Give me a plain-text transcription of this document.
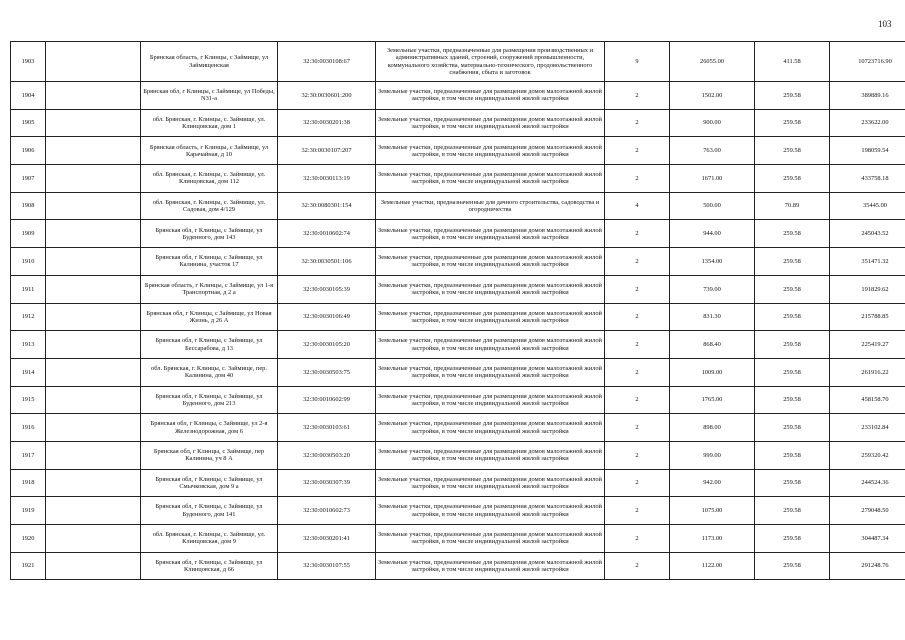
103
1903		Брянская область, г Клинцы, с Займище, ул Займищенская	32:30:0030108:67	Земельные участки, предназначенные для размещения производственных и административных зданий, строений, сооружений промышленности, коммунального хозяйства, материально-технического, продовольственного снабжения, сбыта и заготовок	9	26055.00	411.58	10723716.90
1904		Брянская обл, г Клинцы, с Займище, ул Победы, N31-а	32:30:0030601:200	Земельные участки, предназначенные для размещения домов малоэтажной жилой застройки, в том числе индивидуальной жилой застройки	2	1502.00	259.58	389889.16
1905		обл. Брянская, г. Клинцы, с. Займище, ул. Клинцовская, дом 1	32:30:0030201:38	Земельные участки, предназначенные для размещения домов малоэтажной жилой застройки, в том числе индивидуальной жилой застройки	2	900.00	259.58	233622.00
1906		Брянская область, г Клинцы, с Займище, ул Карачайная, д 10	32:30:0030107:207	Земельные участки, предназначенные для размещения домов малоэтажной жилой застройки, в том числе индивидуальной жилой застройки	2	763.00	259.58	198059.54
1907		обл. Брянская, г. Клинцы, с. Займище, ул. Клинцовская, дом 112	32:30:0030113:19	Земельные участки, предназначенные для размещения домов малоэтажной жилой застройки, в том числе индивидуальной жилой застройки	2	1671.00	259.58	433758.18
1908		обл. Брянская, г. Клинцы, с. Займище, ул. Садовая, дом 4/129	32:30:0080301:154	Земельные участки, предназначенные для дачного строительства, садоводства и огородничества	4	500.00	70.89	35445.00
1909		Брянская обл, г Клинцы, с Займище, ул Буденного, дом 143	32:30:0010602:74	Земельные участки, предназначенные для размещения домов малоэтажной жилой застройки, в том числе индивидуальной жилой застройки	2	944.00	259.58	245043.52
1910		Брянская обл, г Клинцы, с Займище, ул Калинина, участок 17	32:30:0030501:106	Земельные участки, предназначенные для размещения домов малоэтажной жилой застройки, в том числе индивидуальной жилой застройки	2	1354.00	259.58	351471.32
1911		Брянская область, г Клинцы, с Займище, ул 1-я Транспортная, д 2 а	32:30:0030105:39	Земельные участки, предназначенные для размещения домов малоэтажной жилой застройки, в том числе индивидуальной жилой застройки	2	739.00	259.58	191829.62
1912		Брянская обл, г Клинцы, с Займище, ул Новая Жизнь, д 26 А	32:30:0030106:49	Земельные участки, предназначенные для размещения домов малоэтажной жилой застройки, в том числе индивидуальной жилой застройки	2	831.30	259.58	215788.85
1913		Брянская обл, г Клинцы, с Займище, ул Бессарабова, д 13	32:30:0030105:20	Земельные участки, предназначенные для размещения домов малоэтажной жилой застройки, в том числе индивидуальной жилой застройки	2	868.40	259.58	225419.27
1914		обл. Брянская, г. Клинцы, с. Займище, пер. Калинина, дом 40	32:30:0030503:75	Земельные участки, предназначенные для размещения домов малоэтажной жилой застройки, в том числе индивидуальной жилой застройки	2	1009.00	259.58	261916.22
1915		Брянская обл, г Клинцы, с Займище, ул Буденного, дом 213	32:30:0010602:99	Земельные участки, предназначенные для размещения домов малоэтажной жилой застройки, в том числе индивидуальной жилой застройки	2	1765.00	259.58	458158.70
1916		Брянская обл, г Клинцы, с Займище, ул 2-я Железнодорожная, дом 6	32:30:0030103:61	Земельные участки, предназначенные для размещения домов малоэтажной жилой застройки, в том числе индивидуальной жилой застройки	2	898.00	259.58	233102.84
1917		Брянская обл, г Клинцы, с Займище, пер Калинина, уч 8 А	32:30:0030503:20	Земельные участки, предназначенные для размещения домов малоэтажной жилой застройки, в том числе индивидуальной жилой застройки	2	999.00	259.58	259320.42
1918		Брянская обл, г Клинцы, с Займище, ул Смычковская, дом 9 а	32:30:0030307:39	Земельные участки, предназначенные для размещения домов малоэтажной жилой застройки, в том числе индивидуальной жилой застройки	2	942.00	259.58	244524.36
1919		Брянская обл, г Клинцы, с Займище, ул Буденного, дом 141	32:30:0010602:73	Земельные участки, предназначенные для размещения домов малоэтажной жилой застройки, в том числе индивидуальной жилой застройки	2	1075.00	259.58	279048.50
1920		обл. Брянская, г. Клинцы, с. Займище, ул. Клинцовская, дом 9	32:30:0030201:41	Земельные участки, предназначенные для размещения домов малоэтажной жилой застройки, в том числе индивидуальной жилой застройки	2	1173.00	259.58	304487.34
1921		Брянская обл, г Клинцы, с Займище, ул Клинцовская, д 66	32:30:0030107:55	Земельные участки, предназначенные для размещения домов малоэтажной жилой застройки, в том числе индивидуальной жилой застройки	2	1122.00	259.58	291248.76
